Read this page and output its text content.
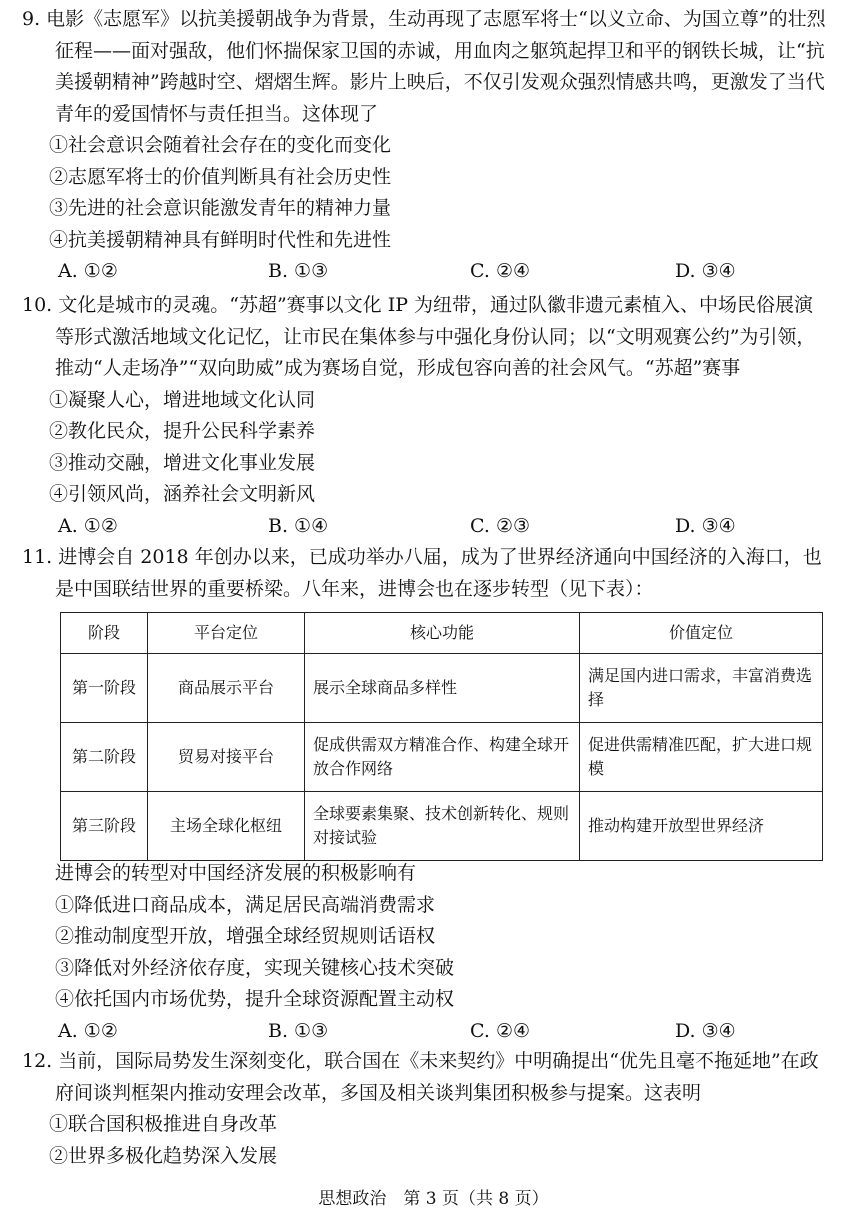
9. 电影《志愿军》以抗美援朝战争为背景，生动再现了志愿军将士“以义立命、为国立尊”的壮烈征程——面对强敌，他们怀揣保家卫国的赤诚，用血肉之躯筑起捍卫和平的钢铁长城，让“抗美援朝精神”跨越时空、熠熠生辉。影片上映后，不仅引发观众强烈情感共鸣，更激发了当代青年的爱国情怀与责任担当。这体现了
①社会意识会随着社会存在的变化而变化
②志愿军将士的价值判断具有社会历史性
③先进的社会意识能激发青年的精神力量
④抗美援朝精神具有鲜明时代性和先进性
A. ①②	B. ①③	C. ②④	D. ③④
10. 文化是城市的灵魂。“苏超”赛事以文化 IP 为纽带，通过队徽非遗元素植入、中场民俗展演等形式激活地域文化记忆，让市民在集体参与中强化身份认同；以“文明观赛公约”为引领，推动“人走场净”“双向助威”成为赛场自觉，形成包容向善的社会风气。“苏超”赛事
①凝聚人心，增进地域文化认同
②教化民众，提升公民科学素养
③推动交融，增进文化事业发展
④引领风尚，涵养社会文明新风
A. ①②	B. ①④	C. ②③	D. ③④
11. 进博会自 2018 年创办以来，已成功举办八届，成为了世界经济通向中国经济的入海口，也是中国联结世界的重要桥梁。八年来，进博会也在逐步转型（见下表）：
阶段	平台定位	核心功能	价值定位
第一阶段	商品展示平台	展示全球商品多样性	满足国内进口需求，丰富消费选择
第二阶段	贸易对接平台	促成供需双方精准合作、构建全球开放合作网络	促进供需精准匹配，扩大进口规模
第三阶段	主场全球化枢纽	全球要素集聚、技术创新转化、规则对接试验	推动构建开放型世界经济
进博会的转型对中国经济发展的积极影响有
①降低进口商品成本，满足居民高端消费需求
②推动制度型开放，增强全球经贸规则话语权
③降低对外经济依存度，实现关键核心技术突破
④依托国内市场优势，提升全球资源配置主动权
A. ①②	B. ①③	C. ②④	D. ③④
12. 当前，国际局势发生深刻变化，联合国在《未来契约》中明确提出“优先且毫不拖延地”在政府间谈判框架内推动安理会改革，多国及相关谈判集团积极参与提案。这表明
①联合国积极推进自身改革
②世界多极化趋势深入发展
思想政治　第 3 页（共 8 页）
